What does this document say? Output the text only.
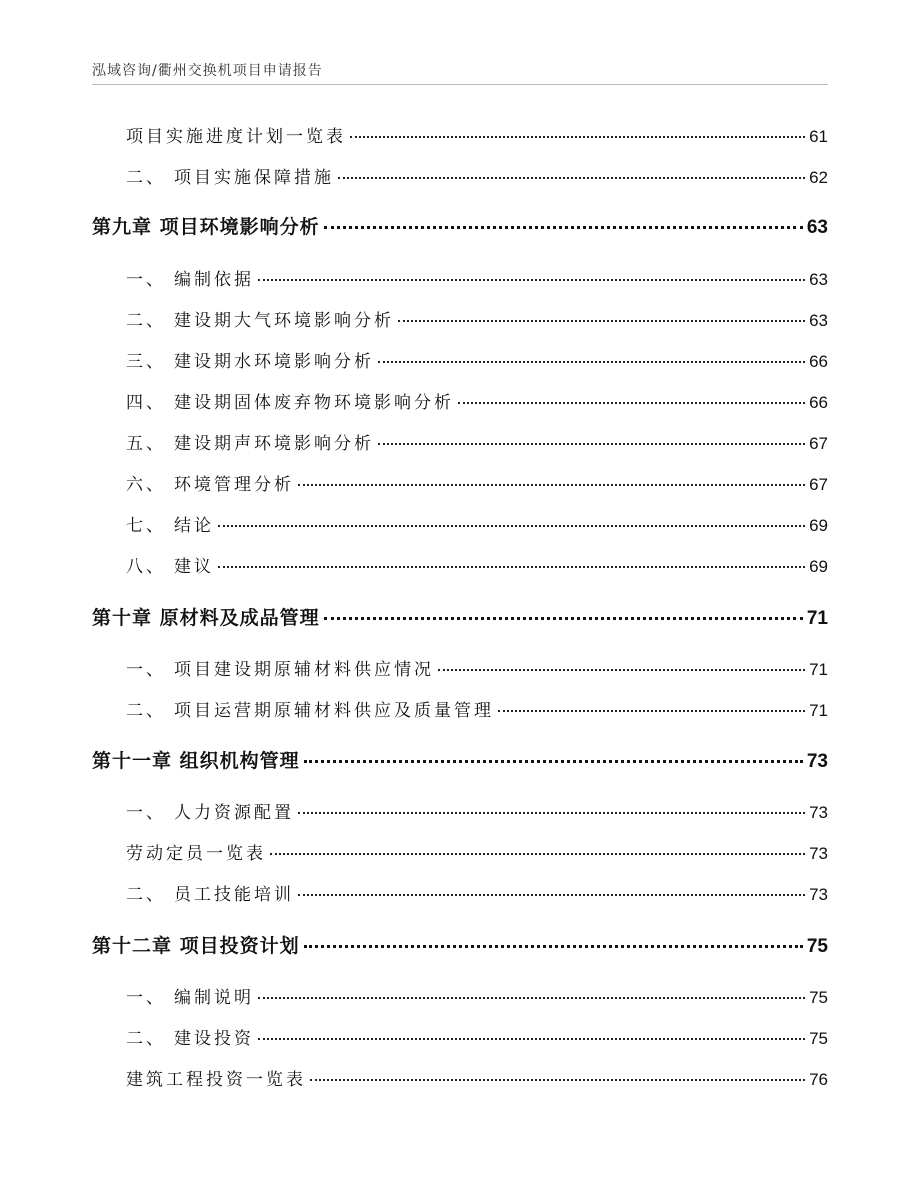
泓域咨询/衢州交换机项目申请报告
项目实施进度计划一览表	61
二、 项目实施保障措施	62
第九章 项目环境影响分析	63
一、 编制依据	63
二、 建设期大气环境影响分析	63
三、 建设期水环境影响分析	66
四、 建设期固体废弃物环境影响分析	66
五、 建设期声环境影响分析	67
六、 环境管理分析	67
七、 结论	69
八、 建议	69
第十章 原材料及成品管理	71
一、 项目建设期原辅材料供应情况	71
二、 项目运营期原辅材料供应及质量管理	71
第十一章 组织机构管理	73
一、 人力资源配置	73
劳动定员一览表	73
二、 员工技能培训	73
第十二章 项目投资计划	75
一、 编制说明	75
二、 建设投资	75
建筑工程投资一览表	76
